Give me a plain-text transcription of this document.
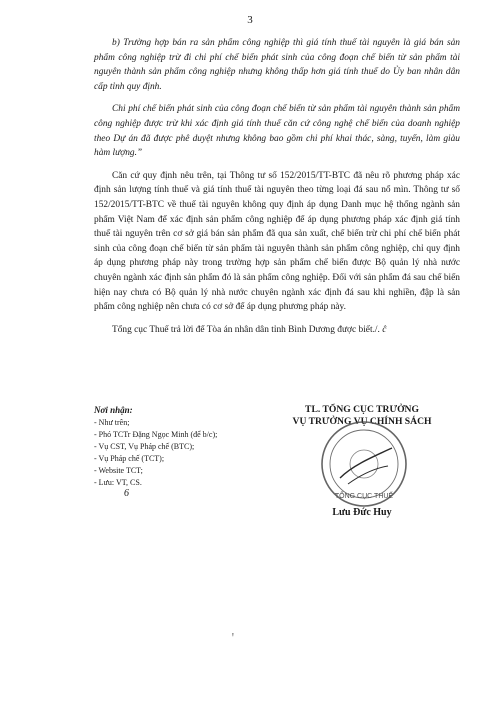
3

b) Trường hợp bán ra sản phẩm công nghiệp thì giá tính thuế tài nguyên là giá bán sản phẩm công nghiệp trừ đi chi phí chế biến phát sinh của công đoạn chế biến từ sản phẩm tài nguyên thành sản phẩm công nghiệp nhưng không thấp hơn giá tính thuế do Ủy ban nhân dân cấp tỉnh quy định.

Chi phí chế biến phát sinh của công đoạn chế biến từ sản phẩm tài nguyên thành sản phẩm công nghiệp được trừ khi xác định giá tính thuế căn cứ công nghệ chế biến của doanh nghiệp theo Dự án đã được phê duyệt nhưng không bao gồm chi phí khai thác, sàng, tuyển, làm giàu hàm lượng.”

Căn cứ quy định nêu trên, tại Thông tư số 152/2015/TT-BTC đã nêu rõ phương pháp xác định sản lượng tính thuế và giá tính thuế tài nguyên theo từng loại đá sau nổ mìn. Thông tư số 152/2015/TT-BTC về thuế tài nguyên không quy định áp dụng Danh mục hệ thống ngành sản phẩm Việt Nam để xác định sản phẩm công nghiệp để áp dụng phương pháp xác định giá tính thuế tài nguyên trên cơ sở giá bán sản phẩm đã qua sản xuất, chế biến trừ chi phí chế biến phát sinh của công đoạn chế biến từ sản phẩm tài nguyên thành sản phẩm công nghiệp, chỉ quy định áp dụng phương pháp này trong trường hợp sản phẩm chế biến được Bộ quản lý nhà nước chuyên ngành xác định sản phẩm đó là sản phẩm công nghiệp. Đối với sản phẩm đá sau chế biến hiện nay chưa có Bộ quản lý nhà nước chuyên ngành xác định đá sau khi nghiền, đập là sản phẩm công nghiệp nên chưa có cơ sở để áp dụng phương pháp này.

Tổng cục Thuế trả lời để Tòa án nhân dân tỉnh Bình Dương được biết./. ĉ

Nơi nhận:
- Như trên;
- Phó TCTr Đặng Ngọc Minh (để b/c);
- Vụ CST, Vụ Pháp chế (BTC);
- Vụ Pháp chế (TCT);
- Website TCT;
- Lưu: VT, CS.
6
TL. TỔNG CỤC TRƯỞNG
VỤ TRƯỞNG VỤ CHÍNH SÁCH
Lưu Đức Huy
TỔNG CỤC THUẾ
ꞌ
